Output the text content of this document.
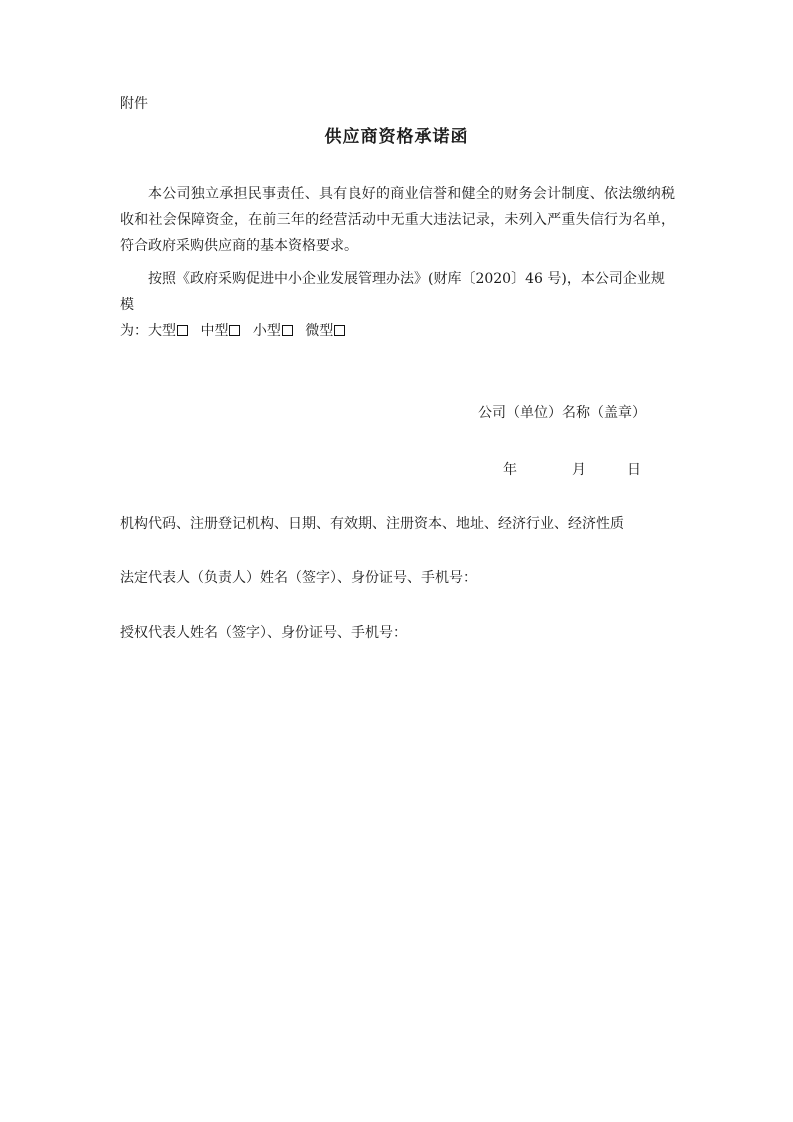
附件
供应商资格承诺函
本公司独立承担民事责任、具有良好的商业信誉和健全的财务会计制度、依法缴纳税收和社会保障资金，在前三年的经营活动中无重大违法记录，未列入严重失信行为名单，符合政府采购供应商的基本资格要求。
按照《政府采购促进中小企业发展管理办法》(财库〔2020〕46 号)，本公司企业规模
为：大型 中型 小型 微型
公司（单位）名称（盖章）
年	月	日
机构代码、注册登记机构、日期、有效期、注册资本、地址、经济行业、经济性质
法定代表人（负责人）姓名（签字）、身份证号、手机号：
授权代表人姓名（签字）、身份证号、手机号：
